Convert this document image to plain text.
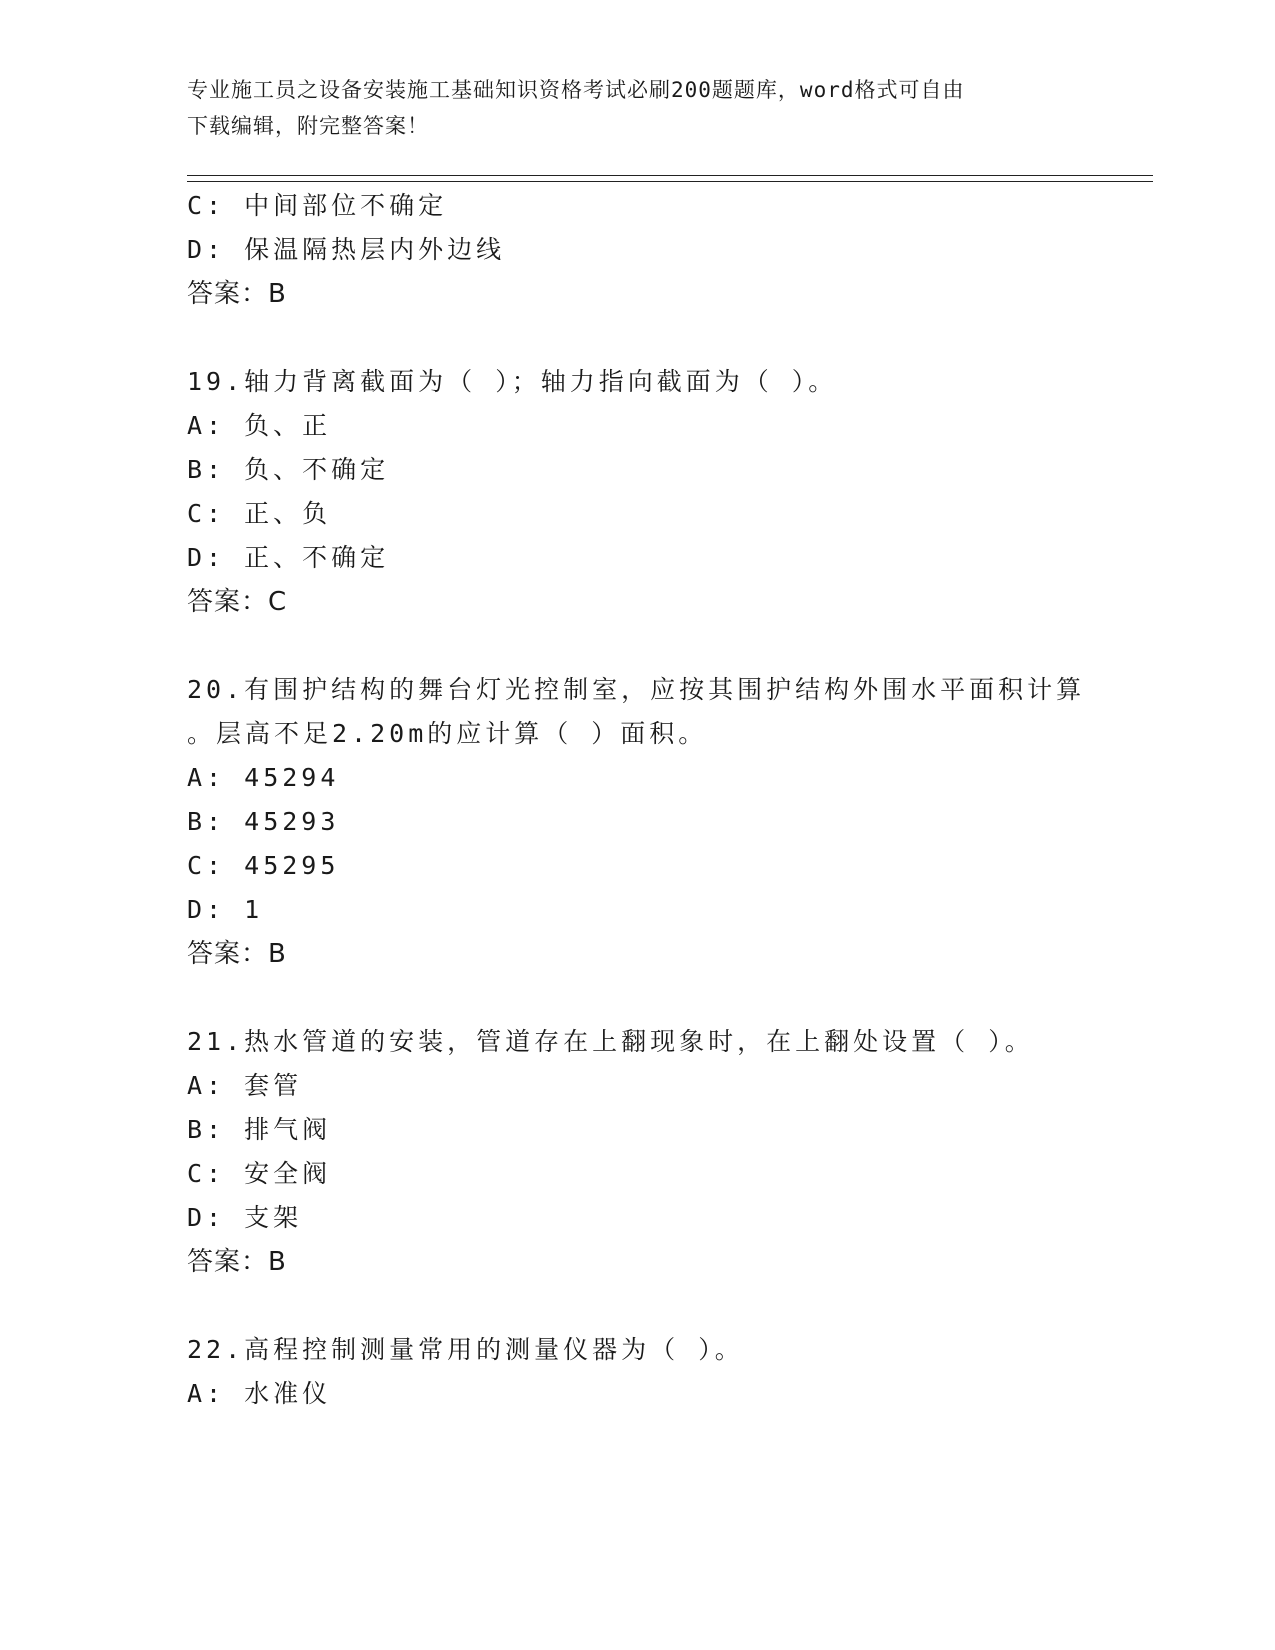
专业施工员之设备安装施工基础知识资格考试必刷200题题库，word格式可自由
下载编辑，附完整答案！
C: 中间部位不确定
D: 保温隔热层内外边线
答案：B
19.轴力背离截面为（ ）；轴力指向截面为（ ）。
A: 负、正
B: 负、不确定
C: 正、负
D: 正、不确定
答案：C
20.有围护结构的舞台灯光控制室，应按其围护结构外围水平面积计算
。层高不足2.20m的应计算（ ）面积。
A: 45294
B: 45293
C: 45295
D: 1
答案：B
21.热水管道的安装，管道存在上翻现象时，在上翻处设置（ ）。
A: 套管
B: 排气阀
C: 安全阀
D: 支架
答案：B
22.高程控制测量常用的测量仪器为（ ）。
A: 水准仪
